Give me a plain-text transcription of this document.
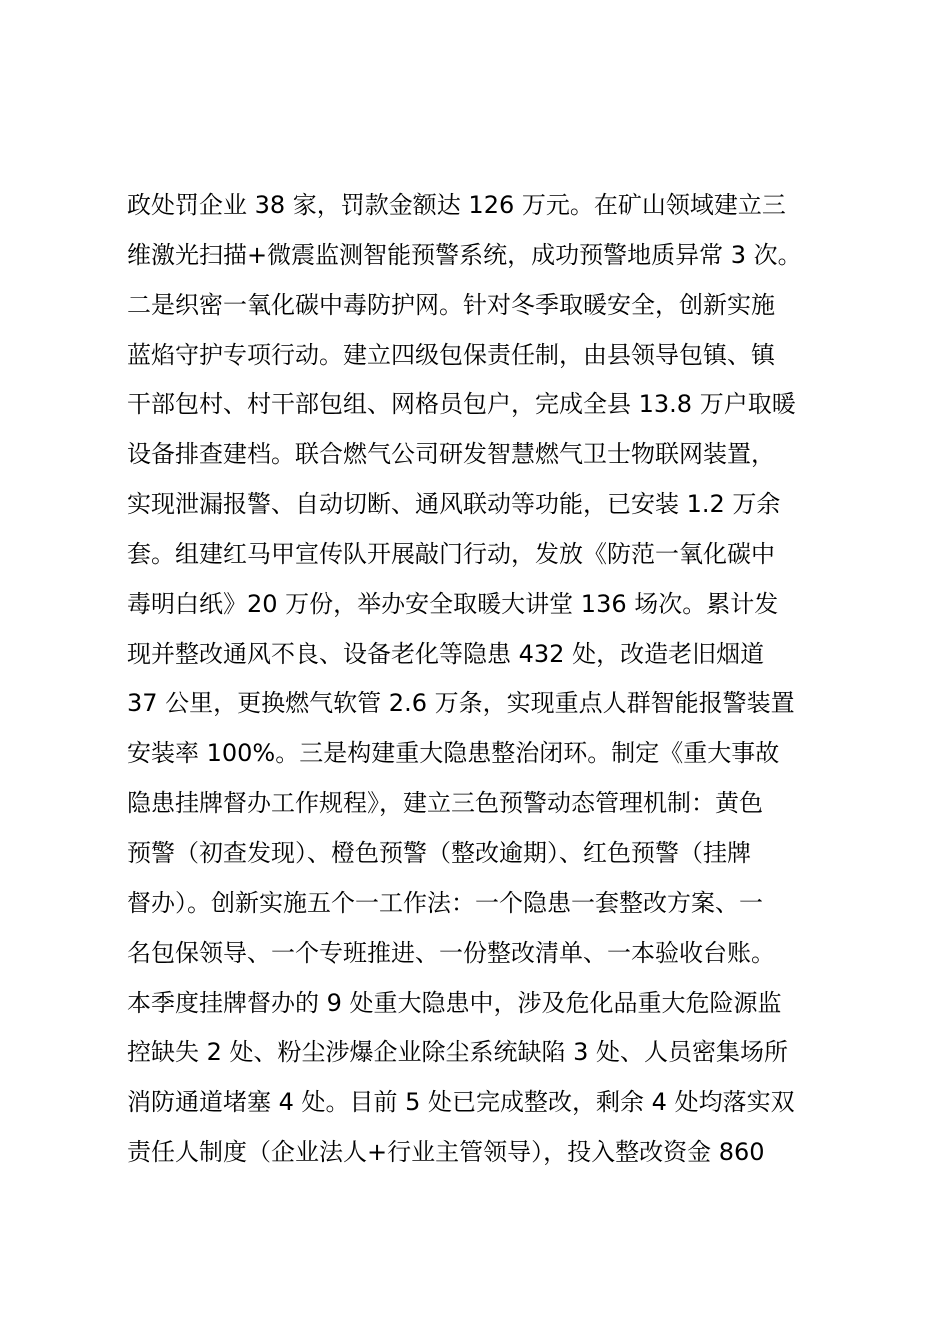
政处罚企业 38 家，罚款金额达 126 万元。在矿山领域建立三
维激光扫描+微震监测智能预警系统，成功预警地质异常 3 次。
二是织密一氧化碳中毒防护网。针对冬季取暖安全，创新实施
蓝焰守护专项行动。建立四级包保责任制，由县领导包镇、镇
干部包村、村干部包组、网格员包户，完成全县 13.8 万户取暖
设备排查建档。联合燃气公司研发智慧燃气卫士物联网装置，
实现泄漏报警、自动切断、通风联动等功能，已安装 1.2 万余
套。组建红马甲宣传队开展敲门行动，发放《防范一氧化碳中
毒明白纸》20 万份，举办安全取暖大讲堂 136 场次。累计发
现并整改通风不良、设备老化等隐患 432 处，改造老旧烟道
37 公里，更换燃气软管 2.6 万条，实现重点人群智能报警装置
安装率 100%。三是构建重大隐患整治闭环。制定《重大事故
隐患挂牌督办工作规程》，建立三色预警动态管理机制：黄色
预警（初查发现）、橙色预警（整改逾期）、红色预警（挂牌
督办）。创新实施五个一工作法：一个隐患一套整改方案、一
名包保领导、一个专班推进、一份整改清单、一本验收台账。
本季度挂牌督办的 9 处重大隐患中，涉及危化品重大危险源监
控缺失 2 处、粉尘涉爆企业除尘系统缺陷 3 处、人员密集场所
消防通道堵塞 4 处。目前 5 处已完成整改，剩余 4 处均落实双
责任人制度（企业法人+行业主管领导），投入整改资金 860
